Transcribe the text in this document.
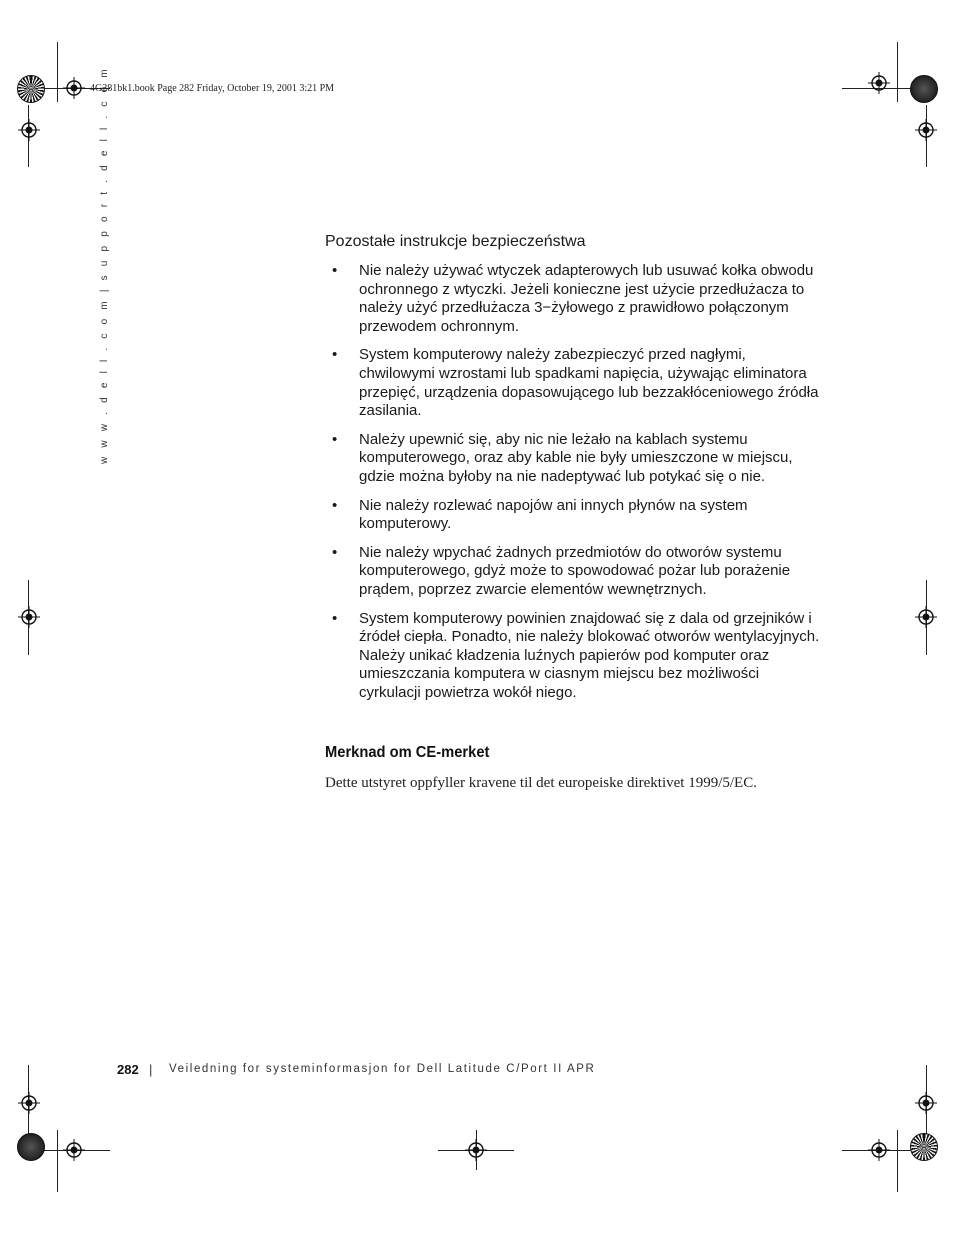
4G281bk1.book Page 282 Friday, October 19, 2001 3:21 PM
w w w . d e l l . c o m | s u p p o r t . d e l l . c o m	Pozostałe instrukcje bezpieczeństwa
• Nie należy używać wtyczek adapterowych lub usuwać kołka obwodu ochronnego z wtyczki. Jeżeli konieczne jest użycie przedłużacza to należy użyć przedłużacza 3−żyłowego z prawidłowo połączonym przewodem ochronnym.
• System komputerowy należy zabezpieczyć przed nagłymi, chwilowymi wzrostami lub spadkami napięcia, używając eliminatora przepięć, urządzenia dopasowującego lub bezzakłóceniowego źródła zasilania.
• Należy upewnić się, aby nic nie leżało na kablach systemu komputerowego, oraz aby kable nie były umieszczone w miejscu, gdzie można byłoby na nie nadeptywać lub potykać się o nie.
• Nie należy rozlewać napojów ani innych płynów na system komputerowy.
• Nie należy wpychać żadnych przedmiotów do otworów systemu komputerowego, gdyż może to spowodować pożar lub porażenie prądem, poprzez zwarcie elementów wewnętrznych.
• System komputerowy powinien znajdować się z dala od grzejników i źródeł ciepła. Ponadto, nie należy blokować otworów wentylacyjnych. Należy unikać kładzenia luźnych papierów pod komputer oraz umieszczania komputera w ciasnym miejscu bez możliwości cyrkulacji powietrza wokół niego.
Merknad om CE-merket
Dette utstyret oppfyller kravene til det europeiske direktivet 1999/5/EC.
282 | Veiledning for systeminformasjon for Dell Latitude C/Port II APR
